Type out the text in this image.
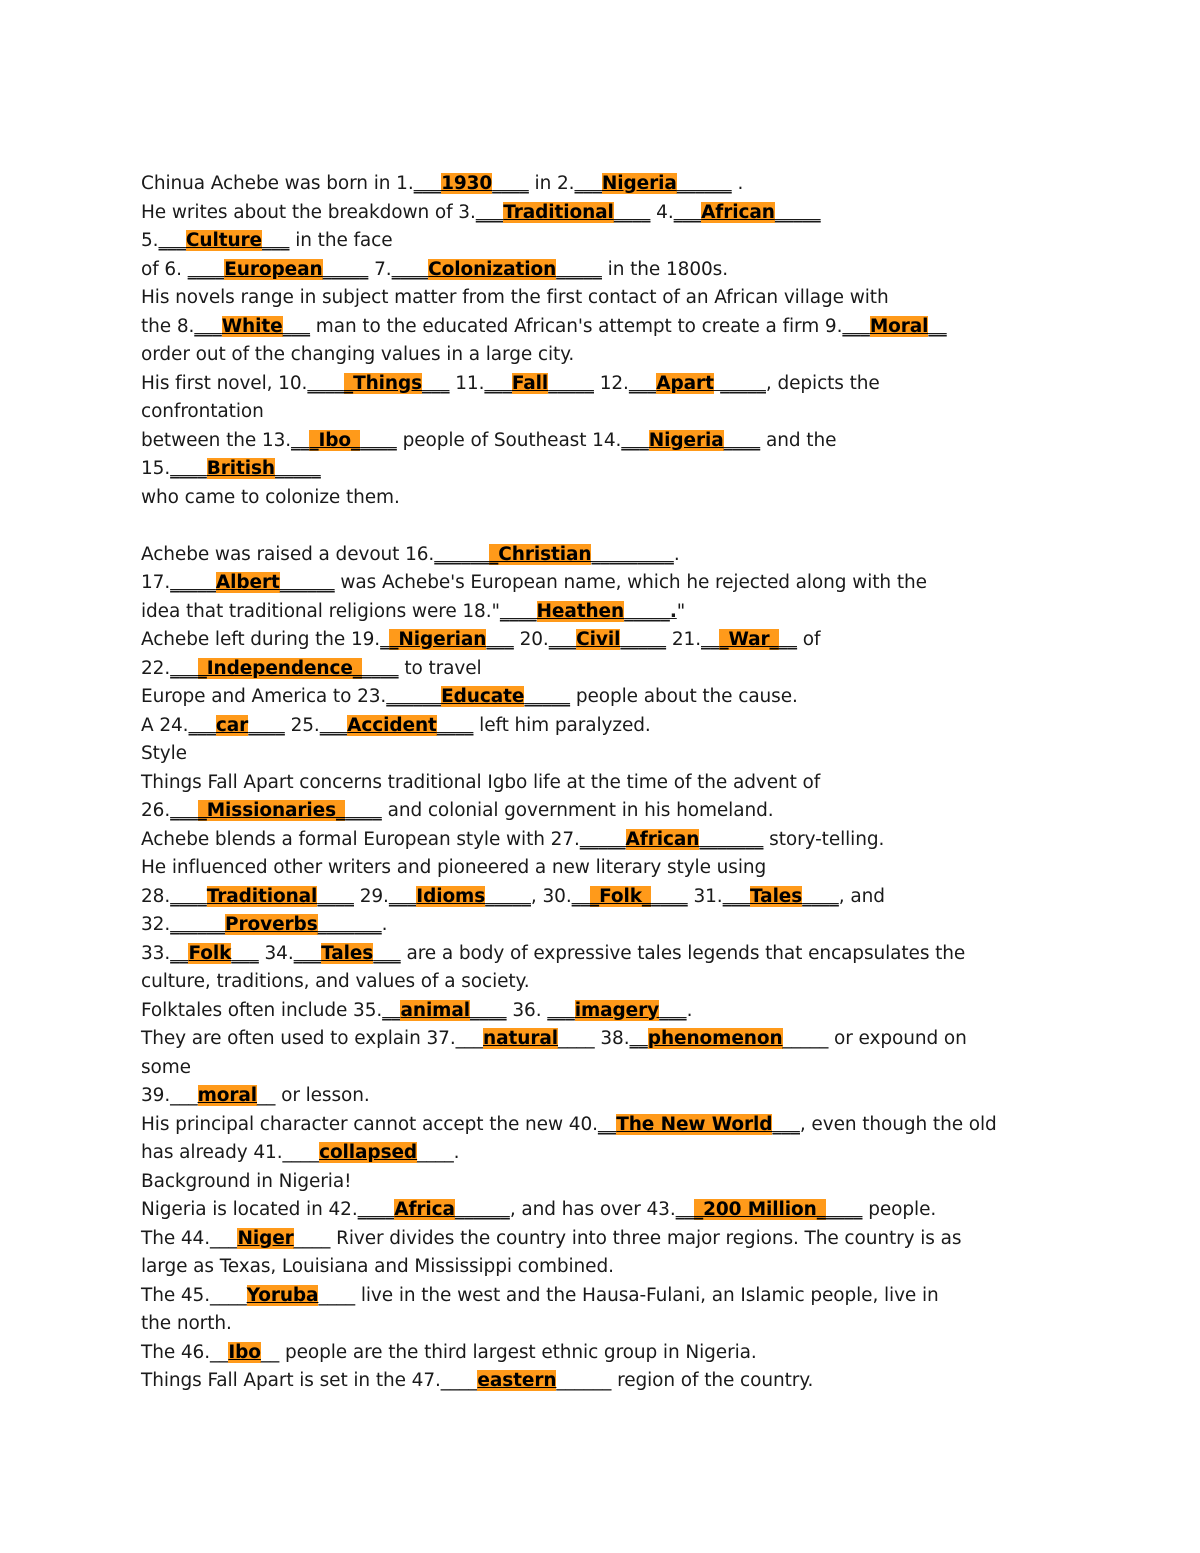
Chinua Achebe was born in 1.___1930____ in 2.___Nigeria______ .
He writes about the breakdown of 3.___Traditional____ 4.___African_____
5.___Culture___ in the face
of 6. ____European_____ 7.____Colonization_____ in the 1800s.
His novels range in subject matter from the first contact of an African village with
the 8.___White___ man to the educated African's attempt to create a firm 9.___Moral__
order out of the changing values in a large city.
His first novel, 10._____Things___ 11.___Fall_____ 12.___Apart _____, depicts the
confrontation
between the 13.___Ibo_____ people of Southeast 14.___Nigeria____ and the
15.____British_____
who came to colonize them.
Achebe was raised a devout 16._______Christian_________.
17._____Albert______ was Achebe's European name, which he rejected along with the
idea that traditional religions were 18."____Heathen_____."
Achebe left during the 19.__Nigerian___ 20.___Civil_____ 21.___War___ of
22.____Independence_____ to travel
Europe and America to 23.______Educate_____ people about the cause.
A 24.___car____ 25.___Accident____ left him paralyzed.
Style
Things Fall Apart concerns traditional Igbo life at the time of the advent of
26.____Missionaries_____ and colonial government in his homeland.
Achebe blends a formal European style with 27._____African_______ story-telling.
He influenced other writers and pioneered a new literary style using
28.____Traditional____ 29.___Idioms_____, 30.___Folk_____ 31.___Tales____, and
32.______Proverbs_______.
33.__Folk___ 34.___Tales___ are a body of expressive tales legends that encapsulates the
culture, traditions, and values of a society.
Folktales often include 35.__animal____ 36. ___imagery___.
They are often used to explain 37.___natural____ 38.__phenomenon_____ or expound on
some
39.___moral__ or lesson.
His principal character cannot accept the new 40.__The New World___, even though the old
has already 41.____collapsed____.
Background in Nigeria!
Nigeria is located in 42.____Africa______, and has over 43.___200 Million_____ people.
The 44.___Niger____ River divides the country into three major regions. The country is as
large as Texas, Louisiana and Mississippi combined.
The 45.____Yoruba____ live in the west and the Hausa-Fulani, an Islamic people, live in
the north.
The 46.__Ibo__ people are the third largest ethnic group in Nigeria.
Things Fall Apart is set in the 47.____eastern______ region of the country.
